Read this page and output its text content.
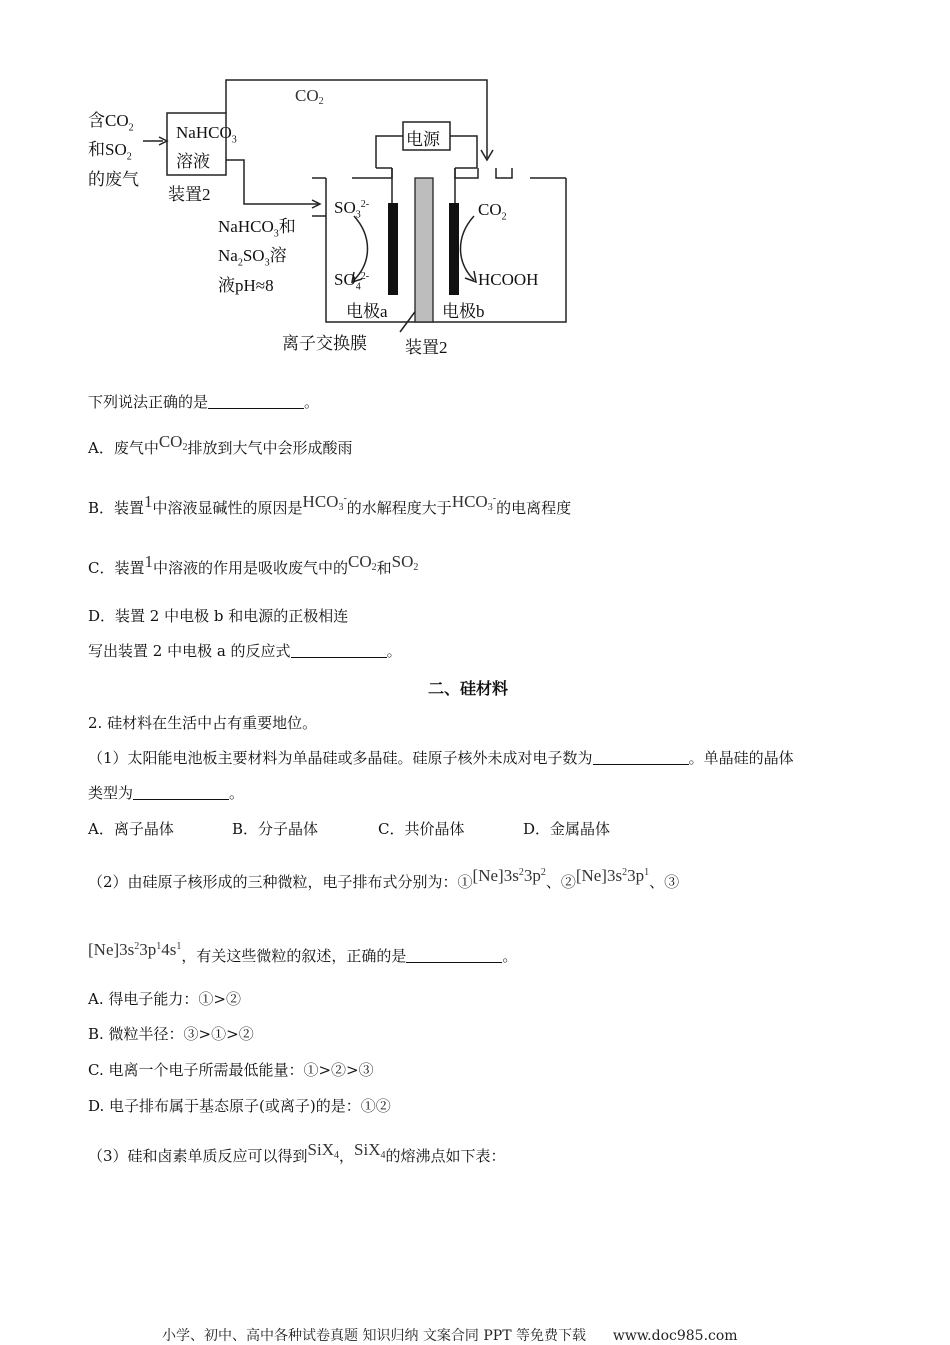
$CO_2$
含$CO_2$
和$SO_2$
的废气
NaHCO$_3$
溶液
装置2
NaHCO$_3$和
$Na_2SO_3$溶
液pH≈8
电源
$SO_3^{2-}$
$SO_4^{2-}$
$CO_2$
HCOOH
电极a	电极b
离子交换膜 装置2
下列说法正确的是	。
A．废气中$CO_2$排放到大气中会形成酸雨
B．装置1中溶液显碱性的原因是$HCO_3^-$的水解程度大于$HCO_3^-$的电离程度
C．装置1中溶液的作用是吸收废气中的$CO_2$和$SO_2$
D．装置 2 中电极 b 和电源的正极相连
写出装置 2 中电极 a 的反应式	。
二、硅材料
2. 硅材料在生活中占有重要地位。
（1）太阳能电池板主要材料为单晶硅或多晶硅。硅原子核外未成对电子数为	。单晶硅的晶体
类型为	。
A．离子晶体	B．分子晶体	C．共价晶体	D．金属晶体
（2）由硅原子核形成的三种微粒，电子排布式分别为：$①[Ne]3s^23p^2$、$②[Ne]3s^23p^1$、③
$[Ne]3s^23p^14s^1$，有关这些微粒的叙述，正确的是	。
A. 得电子能力：①>②
B. 微粒半径：③>①>②
C. 电离一个电子所需最低能量：①>②>③
D. 电子排布属于基态原子(或离子)的是：①②
（3）硅和卤素单质反应可以得到SiX$_4$，SiX$_4$的熔沸点如下表：
小学、初中、高中各种试卷真题 知识归纳 文案合同 PPT 等免费下载 www.doc985.com
